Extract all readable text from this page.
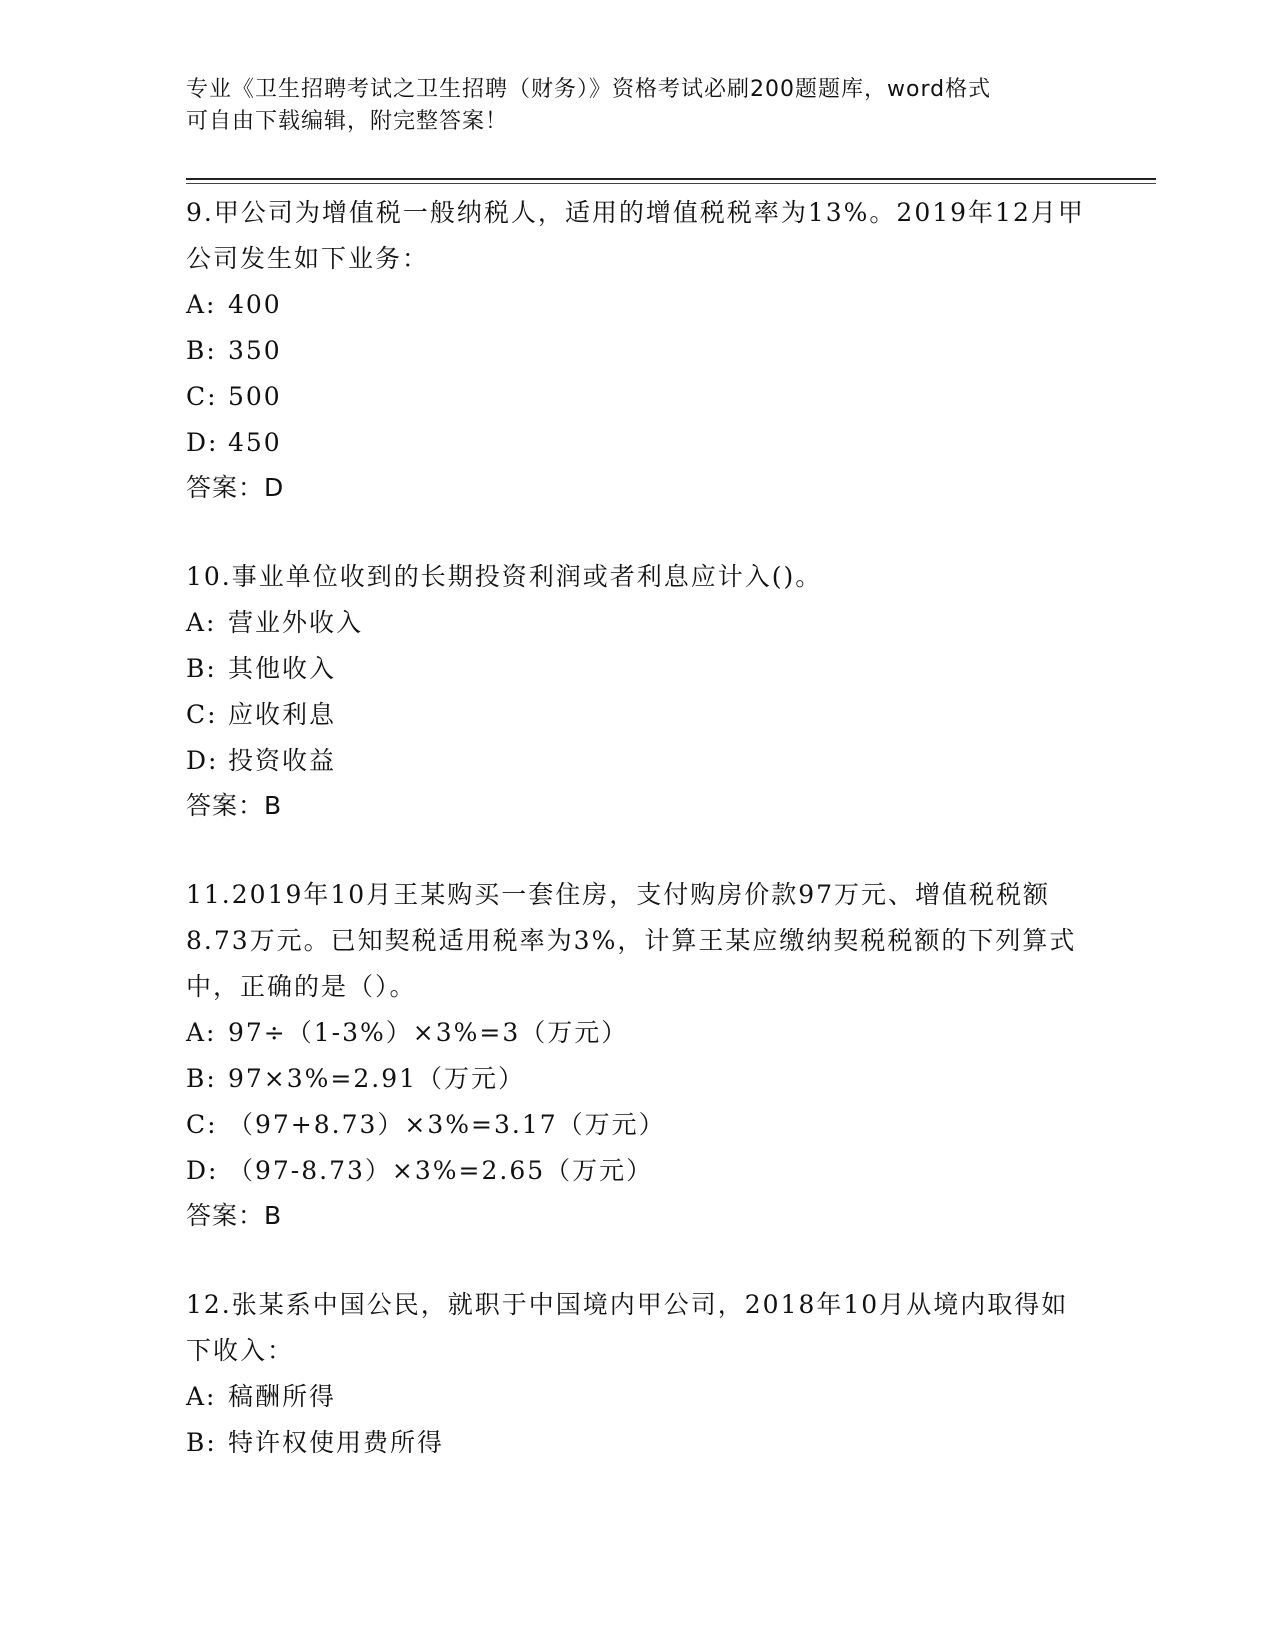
专业《卫生招聘考试之卫生招聘（财务）》资格考试必刷200题题库，word格式
可自由下载编辑，附完整答案！

9.甲公司为增值税一般纳税人，适用的增值税税率为13%。2019年12月甲公司发生如下业务：

A: 400

B: 350

C: 500

D: 450

答案：D

10.事业单位收到的长期投资利润或者利息应计入()。

A: 营业外收入

B: 其他收入

C: 应收利息

D: 投资收益

答案：B

11.2019年10月王某购买一套住房，支付购房价款97万元、增值税税额8.73万元。已知契税适用税率为3%，计算王某应缴纳契税税额的下列算式中，正确的是（）。

A: 97÷（1-3%）×3%=3（万元）

B: 97×3%=2.91（万元）

C: （97+8.73）×3%=3.17（万元）

D: （97-8.73）×3%=2.65（万元）

答案：B

12.张某系中国公民，就职于中国境内甲公司，2018年10月从境内取得如下收入：

A: 稿酬所得

B: 特许权使用费所得
